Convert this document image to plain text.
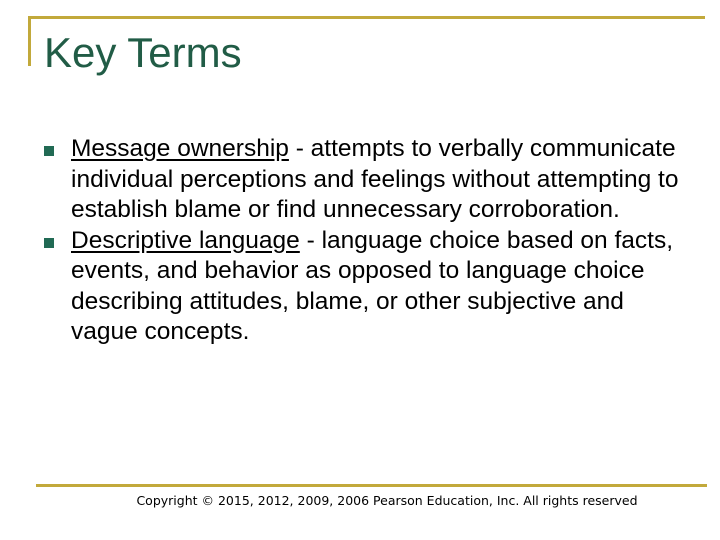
Key Terms
Message ownership - attempts to verbally communicate individual perceptions and feelings without attempting to establish blame or find unnecessary corroboration.
Descriptive language - language choice based on facts, events, and behavior as opposed to language choice describing attitudes, blame, or other subjective and vague concepts.
Copyright © 2015, 2012, 2009, 2006 Pearson Education, Inc. All rights reserved
